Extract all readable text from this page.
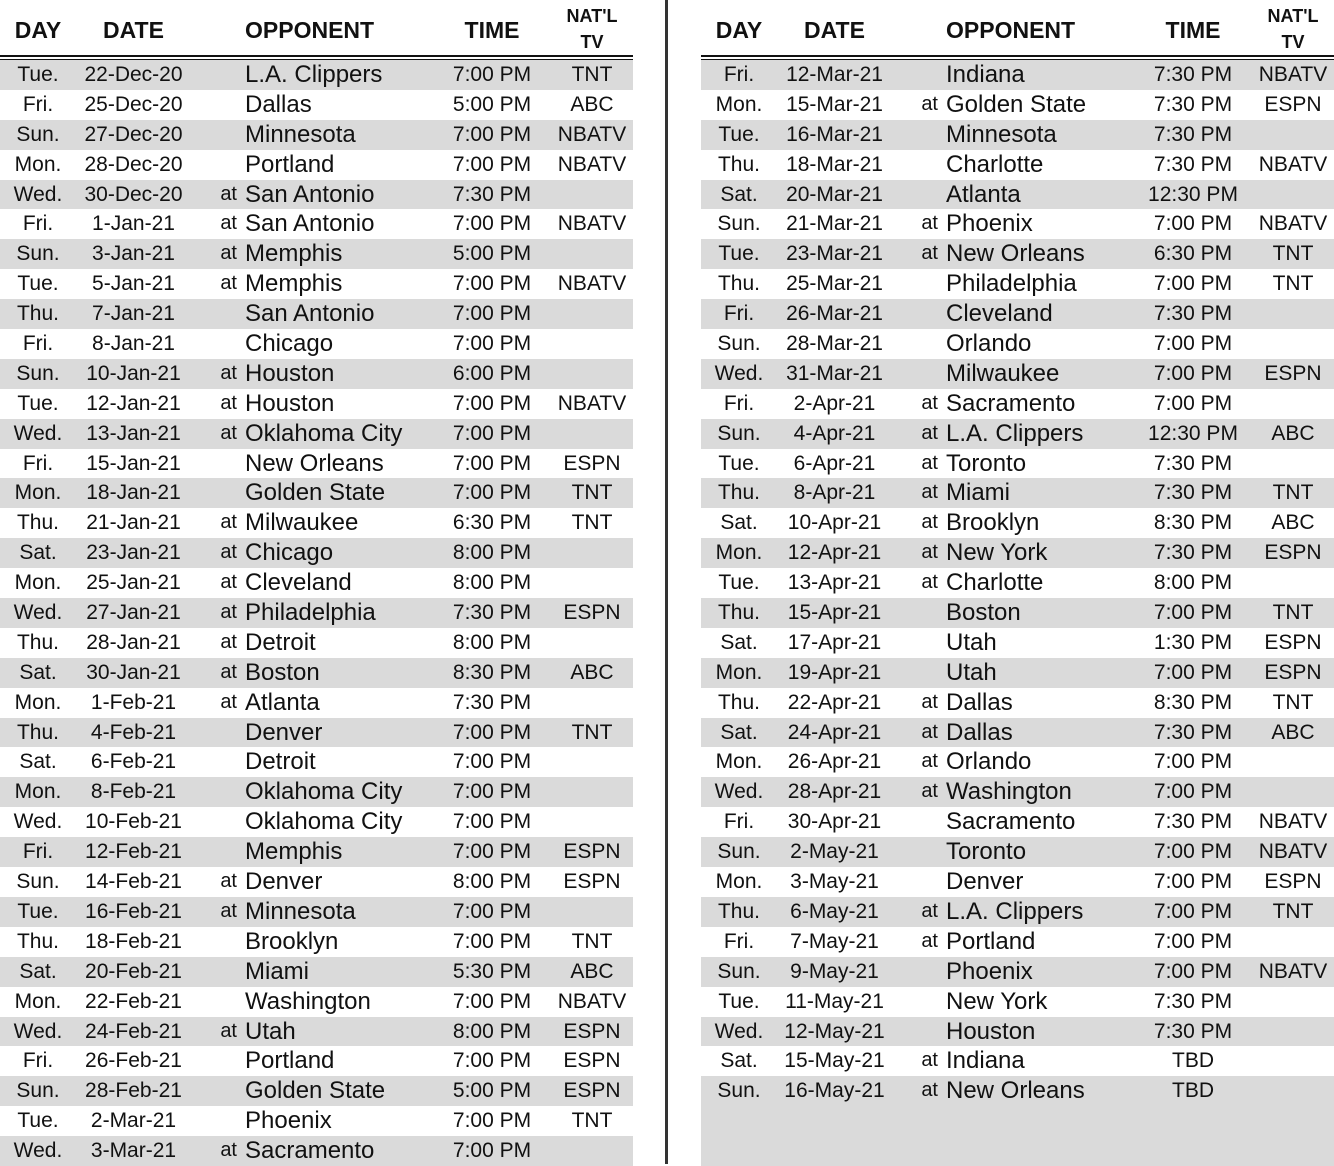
DAY	DATE	OPPONENT	TIME
NAT'L
TV
Tue.	22-Dec-20	L.A. Clippers	7:00 PM	TNT
Fri.	25-Dec-20	Dallas	5:00 PM	ABC
Sun.	27-Dec-20	Minnesota	7:00 PM	NBATV
Mon.	28-Dec-20	Portland	7:00 PM	NBATV
Wed.	30-Dec-20	at San Antonio	7:30 PM
Fri.	1-Jan-21	at San Antonio	7:00 PM	NBATV
Sun.	3-Jan-21	at Memphis	5:00 PM
Tue.	5-Jan-21	at Memphis	7:00 PM	NBATV
Thu.	7-Jan-21	San Antonio	7:00 PM
Fri.	8-Jan-21	Chicago	7:00 PM
Sun.	10-Jan-21	at Houston	6:00 PM
Tue.	12-Jan-21	at Houston	7:00 PM	NBATV
Wed.	13-Jan-21	at Oklahoma City	7:00 PM
Fri.	15-Jan-21	New Orleans	7:00 PM	ESPN
Mon.	18-Jan-21	Golden State	7:00 PM	TNT
Thu.	21-Jan-21	at Milwaukee	6:30 PM	TNT
Sat.	23-Jan-21	at Chicago	8:00 PM
Mon.	25-Jan-21	at Cleveland	8:00 PM
Wed.	27-Jan-21	at Philadelphia	7:30 PM	ESPN
Thu.	28-Jan-21	at Detroit	8:00 PM
Sat.	30-Jan-21	at Boston	8:30 PM	ABC
Mon.	1-Feb-21	at Atlanta	7:30 PM
Thu.	4-Feb-21	Denver	7:00 PM	TNT
Sat.	6-Feb-21	Detroit	7:00 PM
Mon.	8-Feb-21	Oklahoma City	7:00 PM
Wed.	10-Feb-21	Oklahoma City	7:00 PM
Fri.	12-Feb-21	Memphis	7:00 PM	ESPN
Sun.	14-Feb-21	at Denver	8:00 PM	ESPN
Tue.	16-Feb-21	at Minnesota	7:00 PM
Thu.	18-Feb-21	Brooklyn	7:00 PM	TNT
Sat.	20-Feb-21	Miami	5:30 PM	ABC
Mon.	22-Feb-21	Washington	7:00 PM	NBATV
Wed.	24-Feb-21	at Utah	8:00 PM	ESPN
Fri.	26-Feb-21	Portland	7:00 PM	ESPN
Sun.	28-Feb-21	Golden State	5:00 PM	ESPN
Tue.	2-Mar-21	Phoenix	7:00 PM	TNT
Wed.	3-Mar-21	at Sacramento	7:00 PM
DAY	DATE	OPPONENT	TIME
NAT'L
TV
Fri.	12-Mar-21	Indiana	7:30 PM	NBATV
Mon.	15-Mar-21	at Golden State	7:30 PM	ESPN
Tue.	16-Mar-21	Minnesota	7:30 PM
Thu.	18-Mar-21	Charlotte	7:30 PM	NBATV
Sat.	20-Mar-21	Atlanta	12:30 PM
Sun.	21-Mar-21	at Phoenix	7:00 PM	NBATV
Tue.	23-Mar-21	at New Orleans	6:30 PM	TNT
Thu.	25-Mar-21	Philadelphia	7:00 PM	TNT
Fri.	26-Mar-21	Cleveland	7:30 PM
Sun.	28-Mar-21	Orlando	7:00 PM
Wed.	31-Mar-21	Milwaukee	7:00 PM	ESPN
Fri.	2-Apr-21	at Sacramento	7:00 PM
Sun.	4-Apr-21	at L.A. Clippers	12:30 PM	ABC
Tue.	6-Apr-21	at Toronto	7:30 PM
Thu.	8-Apr-21	at Miami	7:30 PM	TNT
Sat.	10-Apr-21	at Brooklyn	8:30 PM	ABC
Mon.	12-Apr-21	at New York	7:30 PM	ESPN
Tue.	13-Apr-21	at Charlotte	8:00 PM
Thu.	15-Apr-21	Boston	7:00 PM	TNT
Sat.	17-Apr-21	Utah	1:30 PM	ESPN
Mon.	19-Apr-21	Utah	7:00 PM	ESPN
Thu.	22-Apr-21	at Dallas	8:30 PM	TNT
Sat.	24-Apr-21	at Dallas	7:30 PM	ABC
Mon.	26-Apr-21	at Orlando	7:00 PM
Wed.	28-Apr-21	at Washington	7:00 PM
Fri.	30-Apr-21	Sacramento	7:30 PM	NBATV
Sun.	2-May-21	Toronto	7:00 PM	NBATV
Mon.	3-May-21	Denver	7:00 PM	ESPN
Thu.	6-May-21	at L.A. Clippers	7:00 PM	TNT
Fri.	7-May-21	at Portland	7:00 PM
Sun.	9-May-21	Phoenix	7:00 PM	NBATV
Tue.	11-May-21	New York	7:30 PM
Wed. 12-May-21	Houston	7:30 PM
Sat.	15-May-21	at Indiana	TBD
Sun.	16-May-21	at New Orleans	TBD
